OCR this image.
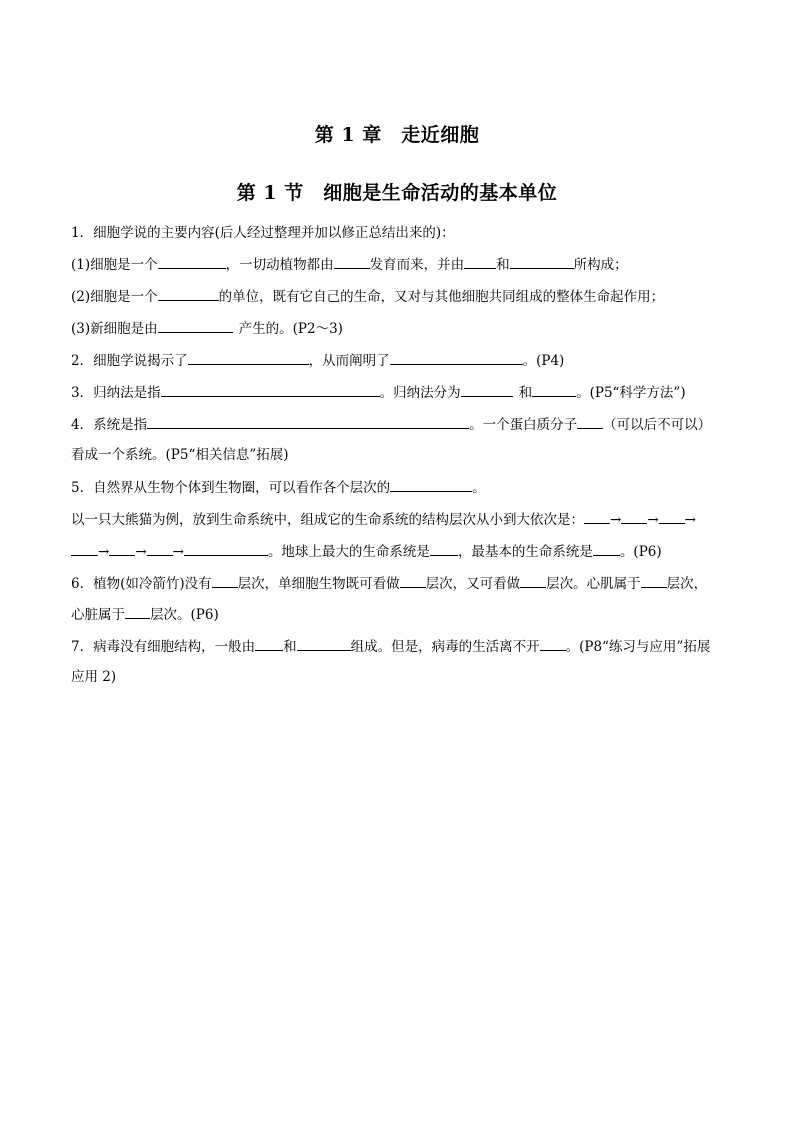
第 1 章　走近细胞
第 1 节　细胞是生命活动的基本单位
1．细胞学说的主要内容(后人经过整理并加以修正总结出来的)：
(1)细胞是一个	，一切动植物都由	发育而来，并由 和	所构成；
(2)细胞是一个	的单位，既有它自己的生命，又对与其他细胞共同组成的整体生命起作用；
(3)新细胞是由	产生的。(P2～3)
2．细胞学说揭示了	，从而阐明了	。(P4)
3．归纳法是指	。归纳法分为	和	。(P5“科学方法”)
4．系统是指	。一个蛋白质分子 （可以后不可以）
看成一个系统。(P5“相关信息”拓展)
5．自然界从生物个体到生物圈，可以看作各个层次的	。
以一只大熊猫为例，放到生命系统中，组成它的生命系统的结构层次从小到大依次是： → → →
→ → →	。地球上最大的生命系统是 ，最基本的生命系统是 。(P6)
6．植物(如冷箭竹)没有 层次，单细胞生物既可看做 层次，又可看做 层次。心肌属于 层次，
心脏属于 层次。(P6)
7．病毒没有细胞结构，一般由 和	组成。但是，病毒的生活离不开 。(P8“练习与应用”拓展
应用 2)
